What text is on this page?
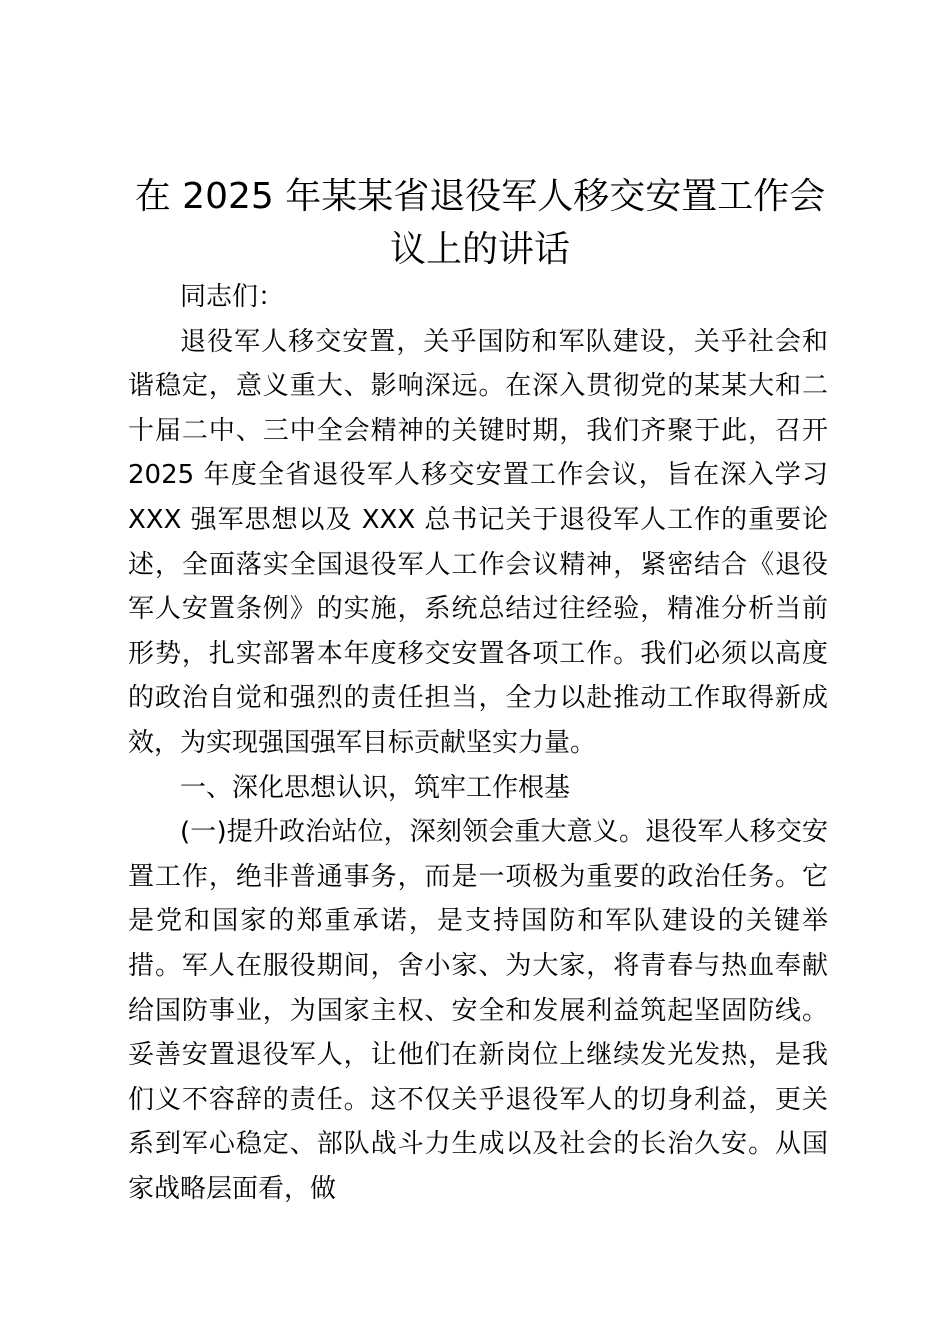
在 2025 年某某省退役军人移交安置工作会议上的讲话

同志们：

退役军人移交安置，关乎国防和军队建设，关乎社会和谐稳定，意义重大、影响深远。在深入贯彻党的某某大和二十届二中、三中全会精神的关键时期，我们齐聚于此，召开 2025 年度全省退役军人移交安置工作会议，旨在深入学习 XXX 强军思想以及 XXX 总书记关于退役军人工作的重要论述，全面落实全国退役军人工作会议精神，紧密结合《退役军人安置条例》的实施，系统总结过往经验，精准分析当前形势，扎实部署本年度移交安置各项工作。我们必须以高度的政治自觉和强烈的责任担当，全力以赴推动工作取得新成效，为实现强国强军目标贡献坚实力量。

一、深化思想认识，筑牢工作根基

(一)提升政治站位，深刻领会重大意义。退役军人移交安置工作，绝非普通事务，而是一项极为重要的政治任务。它是党和国家的郑重承诺，是支持国防和军队建设的关键举措。军人在服役期间，舍小家、为大家，将青春与热血奉献给国防事业，为国家主权、安全和发展利益筑起坚固防线。妥善安置退役军人，让他们在新岗位上继续发光发热，是我们义不容辞的责任。这不仅关乎退役军人的切身利益，更关系到军心稳定、部队战斗力生成以及社会的长治久安。从国家战略层面看，做
